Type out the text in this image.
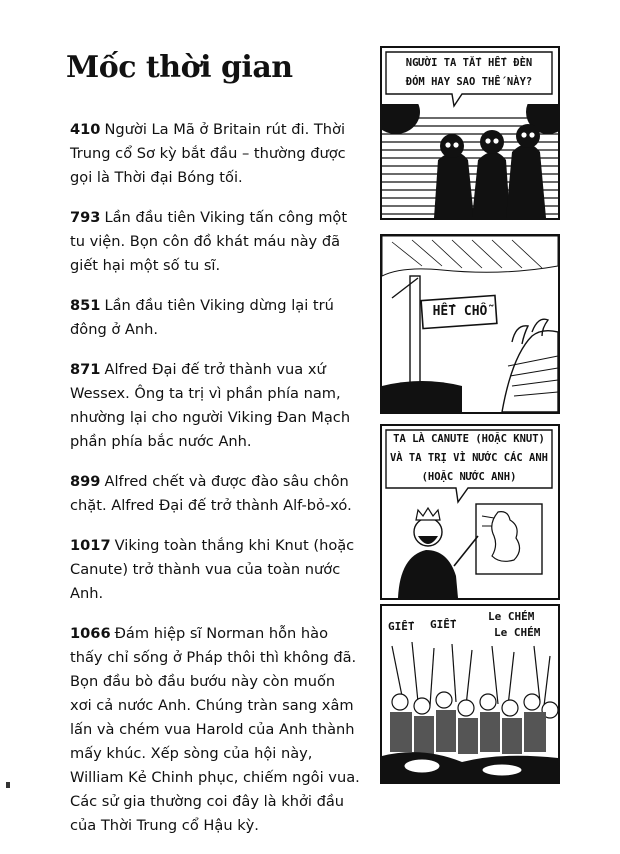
Mốc thời gian

410 Người La Mã ở Britain rút đi. Thời Trung cổ Sơ kỳ bắt đầu – thường được gọi là Thời đại Bóng tối.

793 Lần đầu tiên Viking tấn công một tu viện. Bọn côn đồ khát máu này đã giết hại một số tu sĩ.

851 Lần đầu tiên Viking dừng lại trú đông ở Anh.

871 Alfred Đại đế trở thành vua xứ Wessex. Ông ta trị vì phần phía nam, nhường lại cho người Viking Đan Mạch phần phía bắc nước Anh.

899 Alfred chết và được đào sâu chôn chặt. Alfred Đại đế trở thành Alf-bỏ-xó.

1017 Viking toàn thắng khi Knut (hoặc Canute) trở thành vua của toàn nước Anh.

1066 Đám hiệp sĩ Norman hỗn hào thấy chỉ sống ở Pháp thôi thì không đã. Bọn đầu bò đầu bướu này còn muốn xơi cả nước Anh. Chúng tràn sang xâm lấn và chém vua Harold của Anh thành mấy khúc. Xếp sòng của hội này, William Kẻ Chinh phục, chiếm ngôi vua. Các sử gia thường coi đây là khởi đầu của Thời Trung cổ Hậu kỳ.

NGƯỜI TA TẮT HẾT ĐÈN
ĐÓM HAY SAO THẾ NÀY?
HẾT CHỖ
TA LÀ CANUTE (HOẶC KNUT)
VÀ TA TRỊ VÌ NƯỚC CÁC ANH
(HOẶC NƯỚC ANH)
GIẾT GIẾT
Le CHÉM
Le CHÉM
